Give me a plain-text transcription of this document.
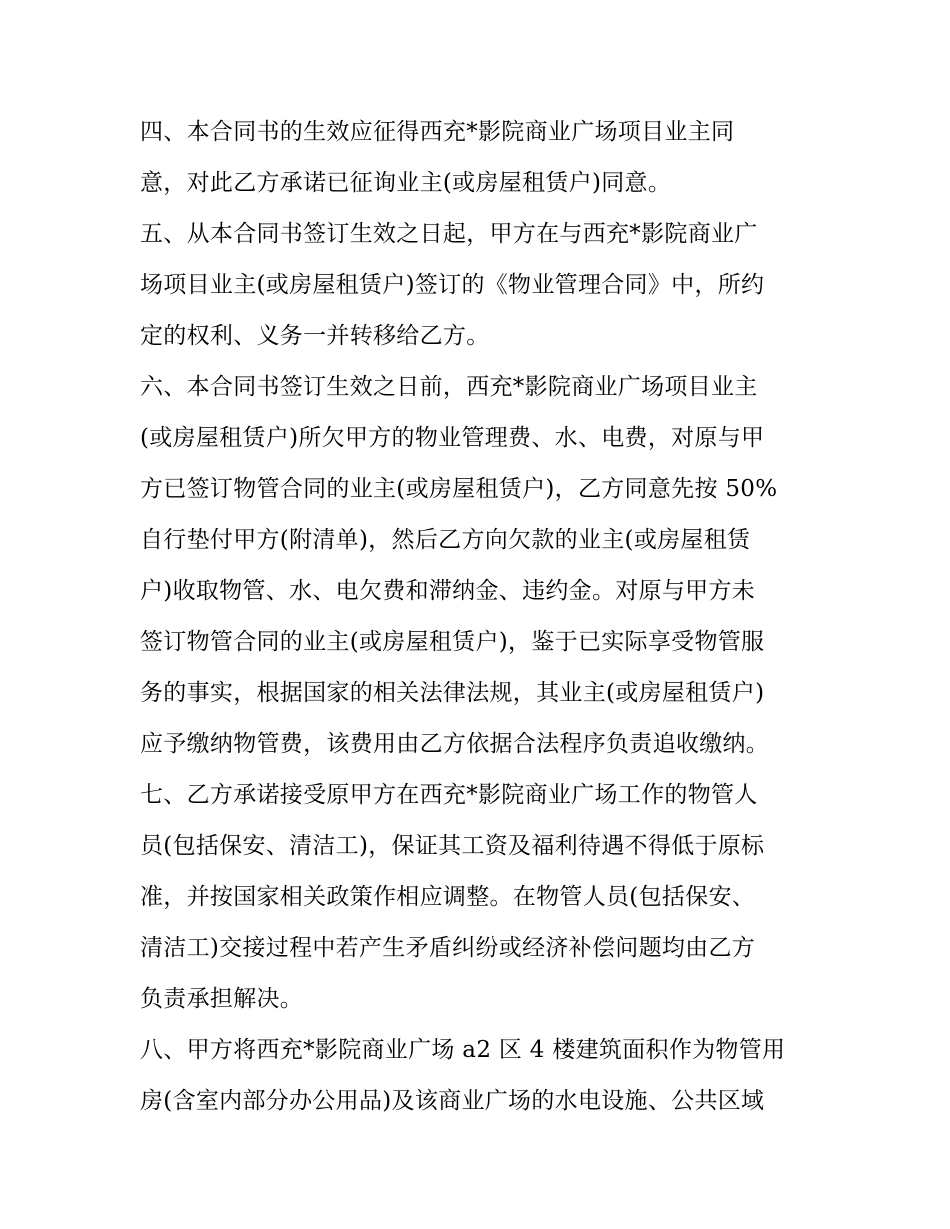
四、本合同书的生效应征得西充*影院商业广场项目业主同
意，对此乙方承诺已征询业主(或房屋租赁户)同意。

五、从本合同书签订生效之日起，甲方在与西充*影院商业广
场项目业主(或房屋租赁户)签订的《物业管理合同》中，所约
定的权利、义务一并转移给乙方。

六、本合同书签订生效之日前，西充*影院商业广场项目业主
(或房屋租赁户)所欠甲方的物业管理费、水、电费，对原与甲
方已签订物管合同的业主(或房屋租赁户)，乙方同意先按 50%
自行垫付甲方(附清单)，然后乙方向欠款的业主(或房屋租赁
户)收取物管、水、电欠费和滞纳金、违约金。对原与甲方未
签订物管合同的业主(或房屋租赁户)，鉴于已实际享受物管服
务的事实，根据国家的相关法律法规，其业主(或房屋租赁户)
应予缴纳物管费，该费用由乙方依据合法程序负责追收缴纳。

七、乙方承诺接受原甲方在西充*影院商业广场工作的物管人
员(包括保安、清洁工)，保证其工资及福利待遇不得低于原标
准，并按国家相关政策作相应调整。在物管人员(包括保安、
清洁工)交接过程中若产生矛盾纠纷或经济补偿问题均由乙方
负责承担解决。

八、甲方将西充*影院商业广场 a2 区 4 楼建筑面积作为物管用
房(含室内部分办公用品)及该商业广场的水电设施、公共区域
